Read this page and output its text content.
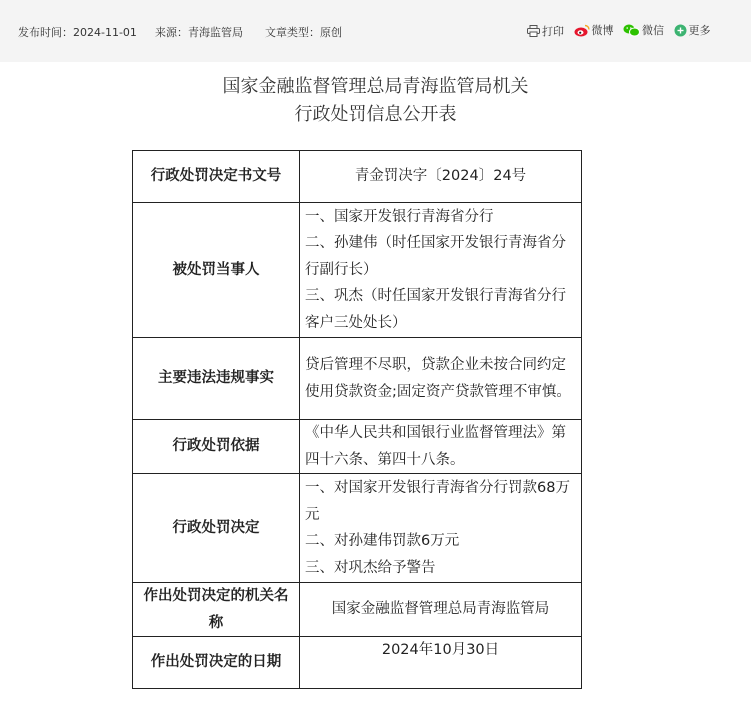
发布时间：2024-11-01 来源：青海监管局 文章类型：原创	打印
	微博
	微信
更多
国家金融监督管理总局青海监管局机关
行政处罚信息公开表
行政处罚决定书文号	青金罚决字〔2024〕24号

被处罚当事人	一、国家开发银行青海省分行
二、孙建伟（时任国家开发银行青海省分行副行长）
三、巩杰（时任国家开发银行青海省分行客户三处处长）

主要违法违规事实	贷后管理不尽职，贷款企业未按合同约定使用贷款资金;固定资产贷款管理不审慎。

行政处罚依据	《中华人民共和国银行业监督管理法》第四十六条、第四十八条。

行政处罚决定	一、对国家开发银行青海省分行罚款68万元
二、对孙建伟罚款6万元
三、对巩杰给予警告

作出处罚决定的机关名称	国家金融监督管理总局青海监管局

作出处罚决定的日期	2024年10月30日
